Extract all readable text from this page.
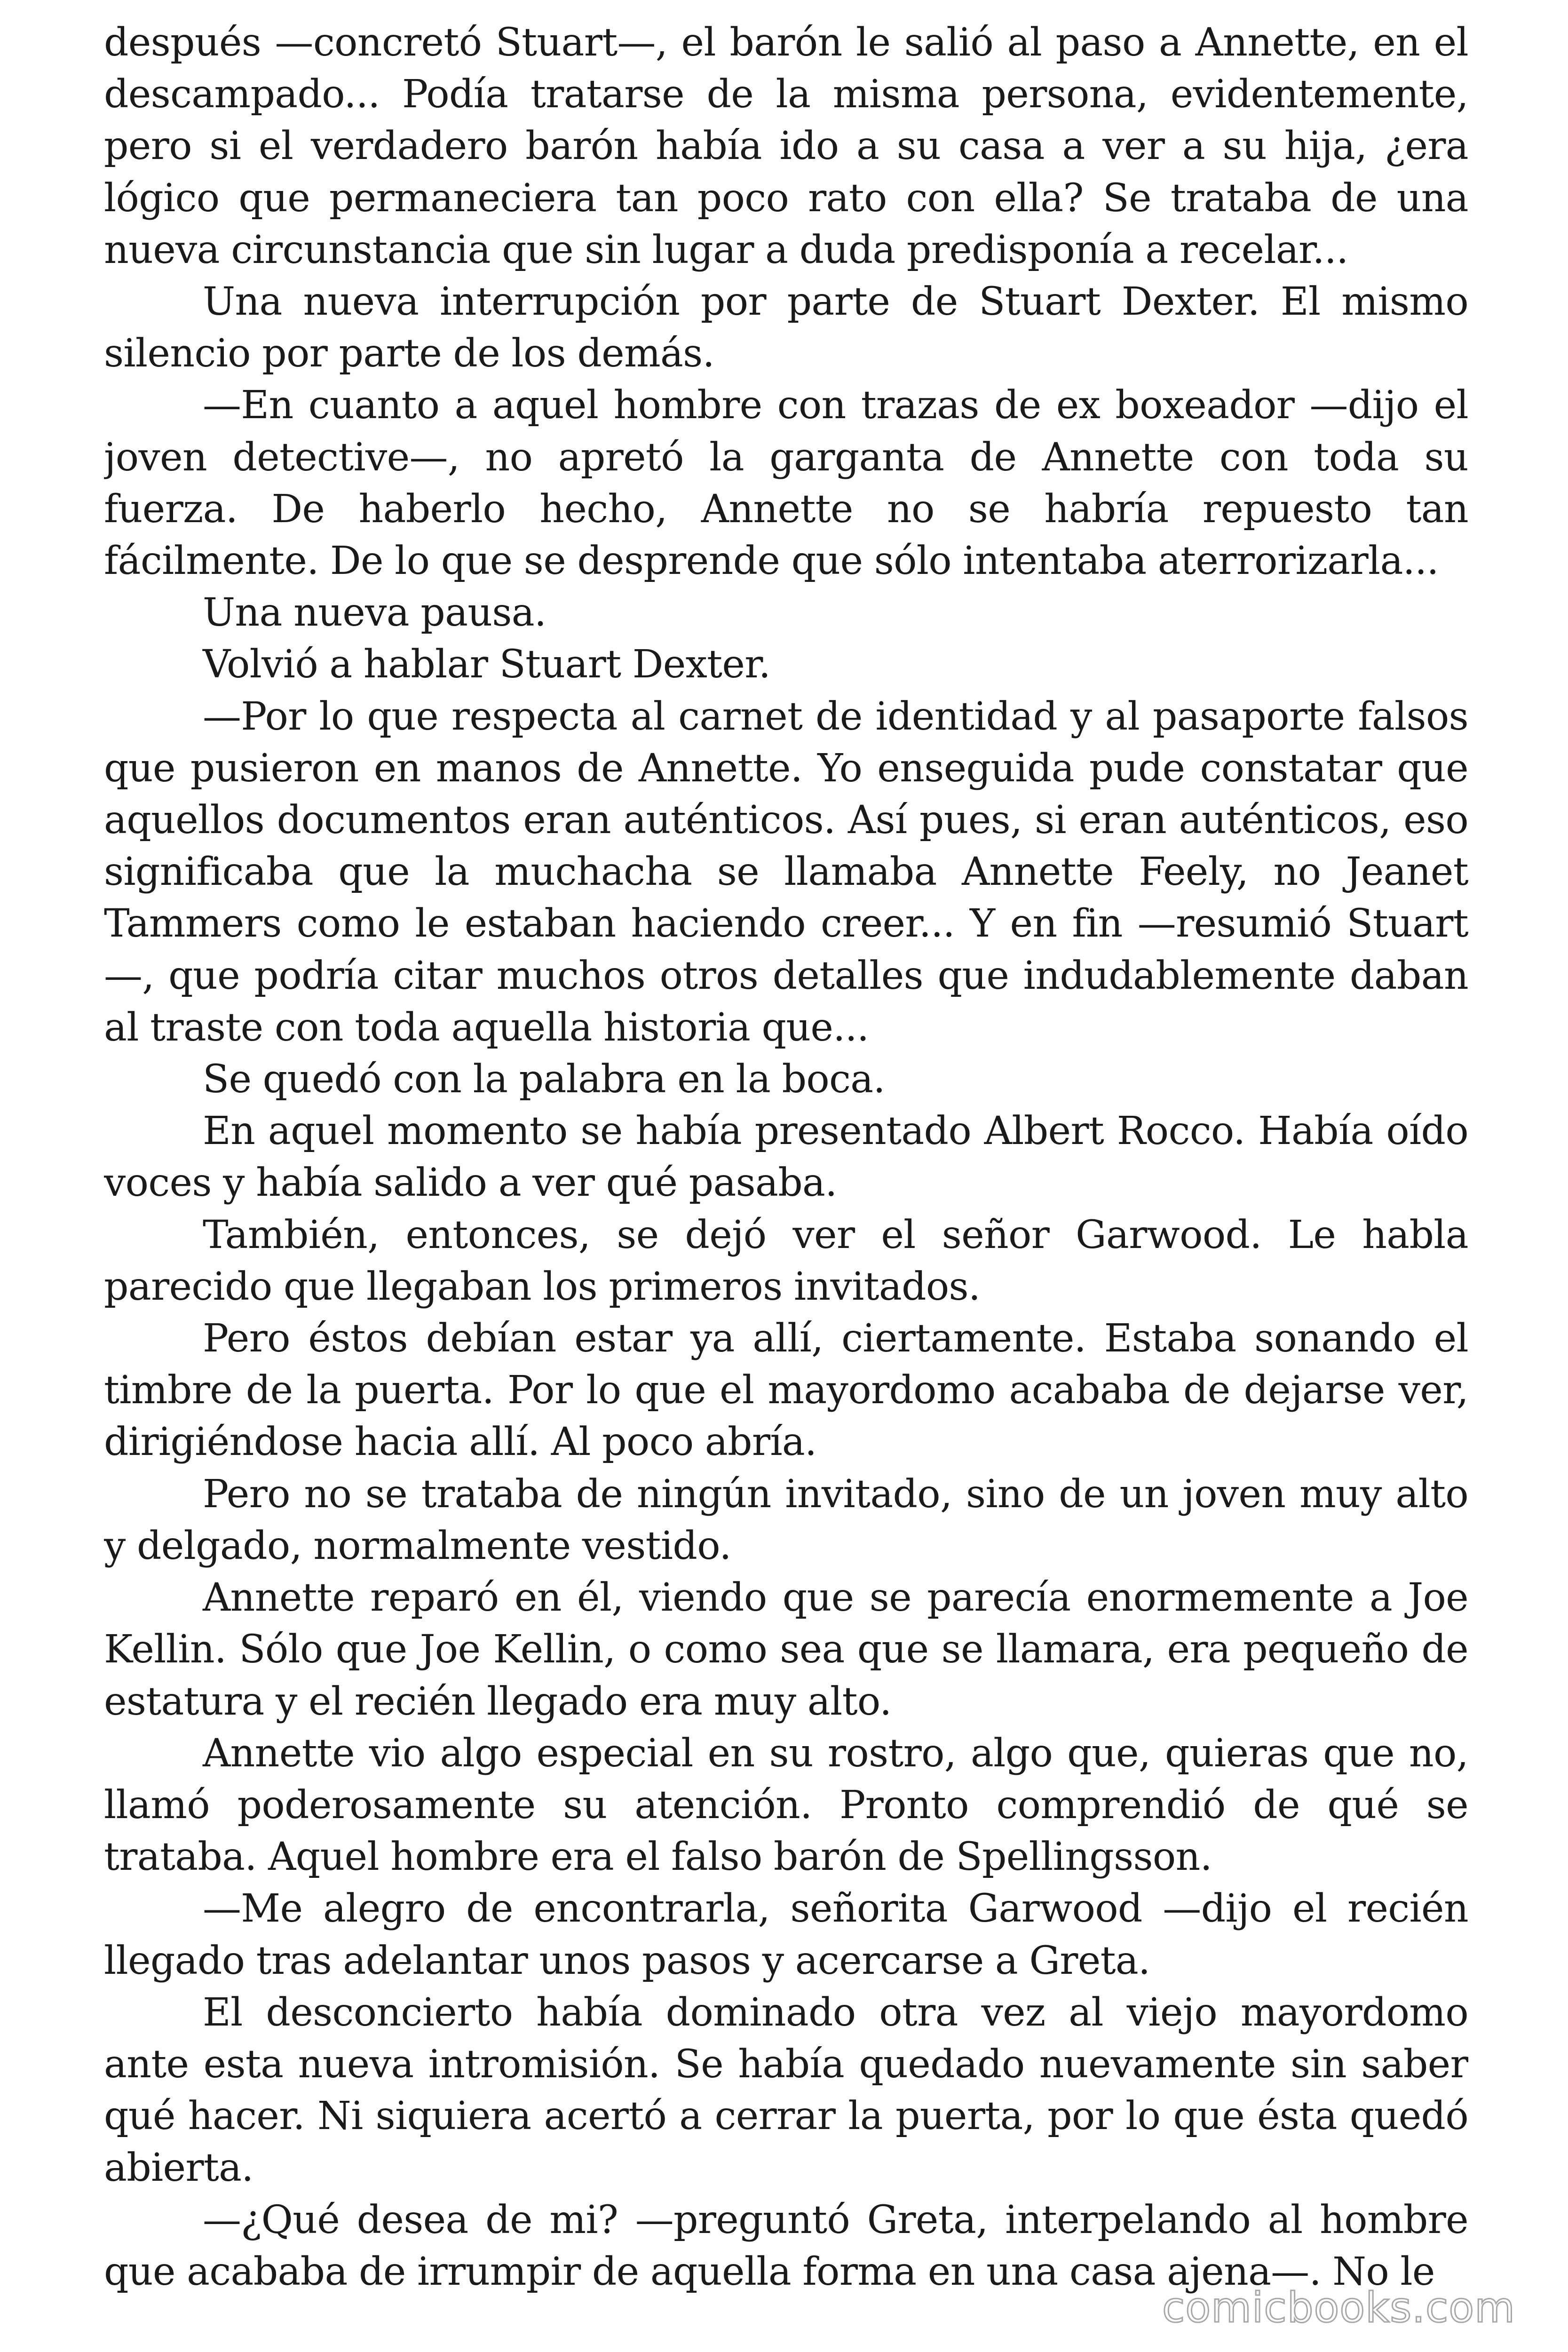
después —concretó Stuart—, el barón le salió al paso a Annette, en el descampado... Podía tratarse de la misma persona, evidentemente, pero si el verdadero barón había ido a su casa a ver a su hija, ¿era lógico que permaneciera tan poco rato con ella? Se trataba de una nueva circunstancia que sin lugar a duda predisponía a recelar...

Una nueva interrupción por parte de Stuart Dexter. El mismo silencio por parte de los demás.

—En cuanto a aquel hombre con trazas de ex boxeador —dijo el joven detective—, no apretó la garganta de Annette con toda su fuerza. De haberlo hecho, Annette no se habría repuesto tan fácilmente. De lo que se desprende que sólo intentaba aterrorizarla...

Una nueva pausa.

Volvió a hablar Stuart Dexter.

—Por lo que respecta al carnet de identidad y al pasaporte falsos que pusieron en manos de Annette. Yo enseguida pude constatar que aquellos documentos eran auténticos. Así pues, si eran auténticos, eso significaba que la muchacha se llamaba Annette Feely, no Jeanet Tammers como le estaban haciendo creer... Y en fin —resumió Stuart —, que podría citar muchos otros detalles que indudablemente daban al traste con toda aquella historia que...

Se quedó con la palabra en la boca.

En aquel momento se había presentado Albert Rocco. Había oído voces y había salido a ver qué pasaba.

También, entonces, se dejó ver el señor Garwood. Le habla parecido que llegaban los primeros invitados.

Pero éstos debían estar ya allí, ciertamente. Estaba sonando el timbre de la puerta. Por lo que el mayordomo acababa de dejarse ver, dirigiéndose hacia allí. Al poco abría.

Pero no se trataba de ningún invitado, sino de un joven muy alto y delgado, normalmente vestido.

Annette reparó en él, viendo que se parecía enormemente a Joe Kellin. Sólo que Joe Kellin, o como sea que se llamara, era pequeño de estatura y el recién llegado era muy alto.

Annette vio algo especial en su rostro, algo que, quieras que no, llamó poderosamente su atención. Pronto comprendió de qué se trataba. Aquel hombre era el falso barón de Spellingsson.

—Me alegro de encontrarla, señorita Garwood —dijo el recién llegado tras adelantar unos pasos y acercarse a Greta.

El desconcierto había dominado otra vez al viejo mayordomo ante esta nueva intromisión. Se había quedado nuevamente sin saber qué hacer. Ni siquiera acertó a cerrar la puerta, por lo que ésta quedó abierta.

—¿Qué desea de mi? —preguntó Greta, interpelando al hombre que acababa de irrumpir de aquella forma en una casa ajena—. No le

comicbooks.com
